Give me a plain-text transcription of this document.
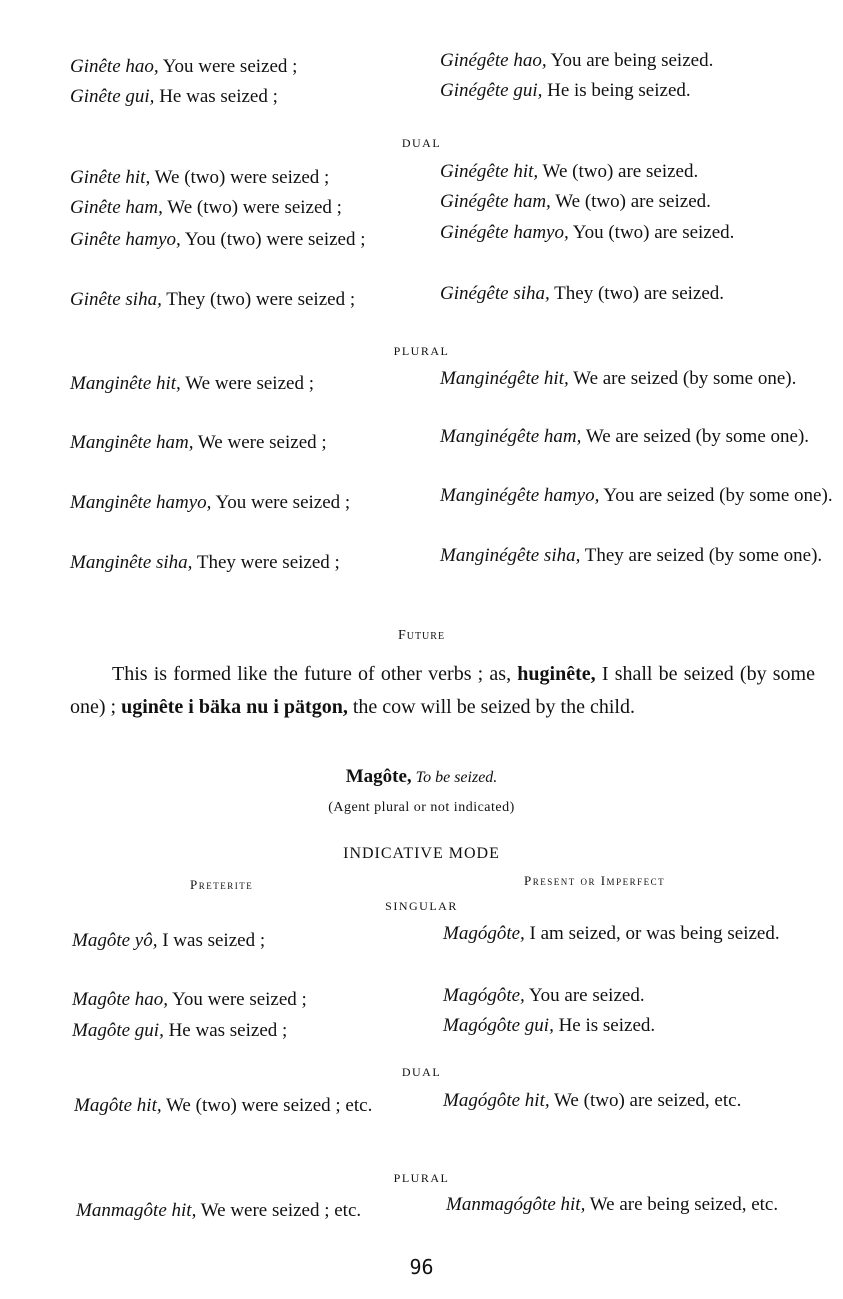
Ginête hao, You were seized ;	Ginégête hao, You are being seized.
Ginête gui, He was seized ;	Ginégête gui, He is being seized.
DUAL
Ginête hit, We (two) were seized ;	Ginégête hit, We (two) are seized.
Ginête ham, We (two) were seized ;	Ginégête ham, We (two) are seized.
Ginête hamyo, You (two) were seized ;	Ginégête hamyo, You (two) are seized.
Ginête siha, They (two) were seized ;	Ginégête siha, They (two) are seized.
PLURAL
Manginête hit, We were seized ;	Manginégête hit, We are seized (by some one).
Manginête ham, We were seized ;	Manginégête ham, We are seized (by some one).
Manginête hamyo, You were seized ;	Manginégête hamyo, You are seized (by some one).
Manginête siha, They were seized ;	Manginégête siha, They are seized (by some one).
Future
This is formed like the future of other verbs ; as, huginête, I shall be seized (by some one) ; uginête i bäka nu i pätgon, the cow will be seized by the child.
Magôte, To be seized.
(Agent plural or not indicated)
INDICATIVE MODE
Preterite	Present or Imperfect
SINGULAR
Magôte yô, I was seized ;	Magógôte, I am seized, or was being seized.
Magôte hao, You were seized ;	Magógôte, You are seized.
Magôte gui, He was seized ;	Magógôte gui, He is seized.
DUAL
Magôte hit, We (two) were seized ; etc.	Magógôte hit, We (two) are seized, etc.
PLURAL
Manmagôte hit, We were seized ; etc.	Manmagógôte hit, We are being seized, etc.
96
